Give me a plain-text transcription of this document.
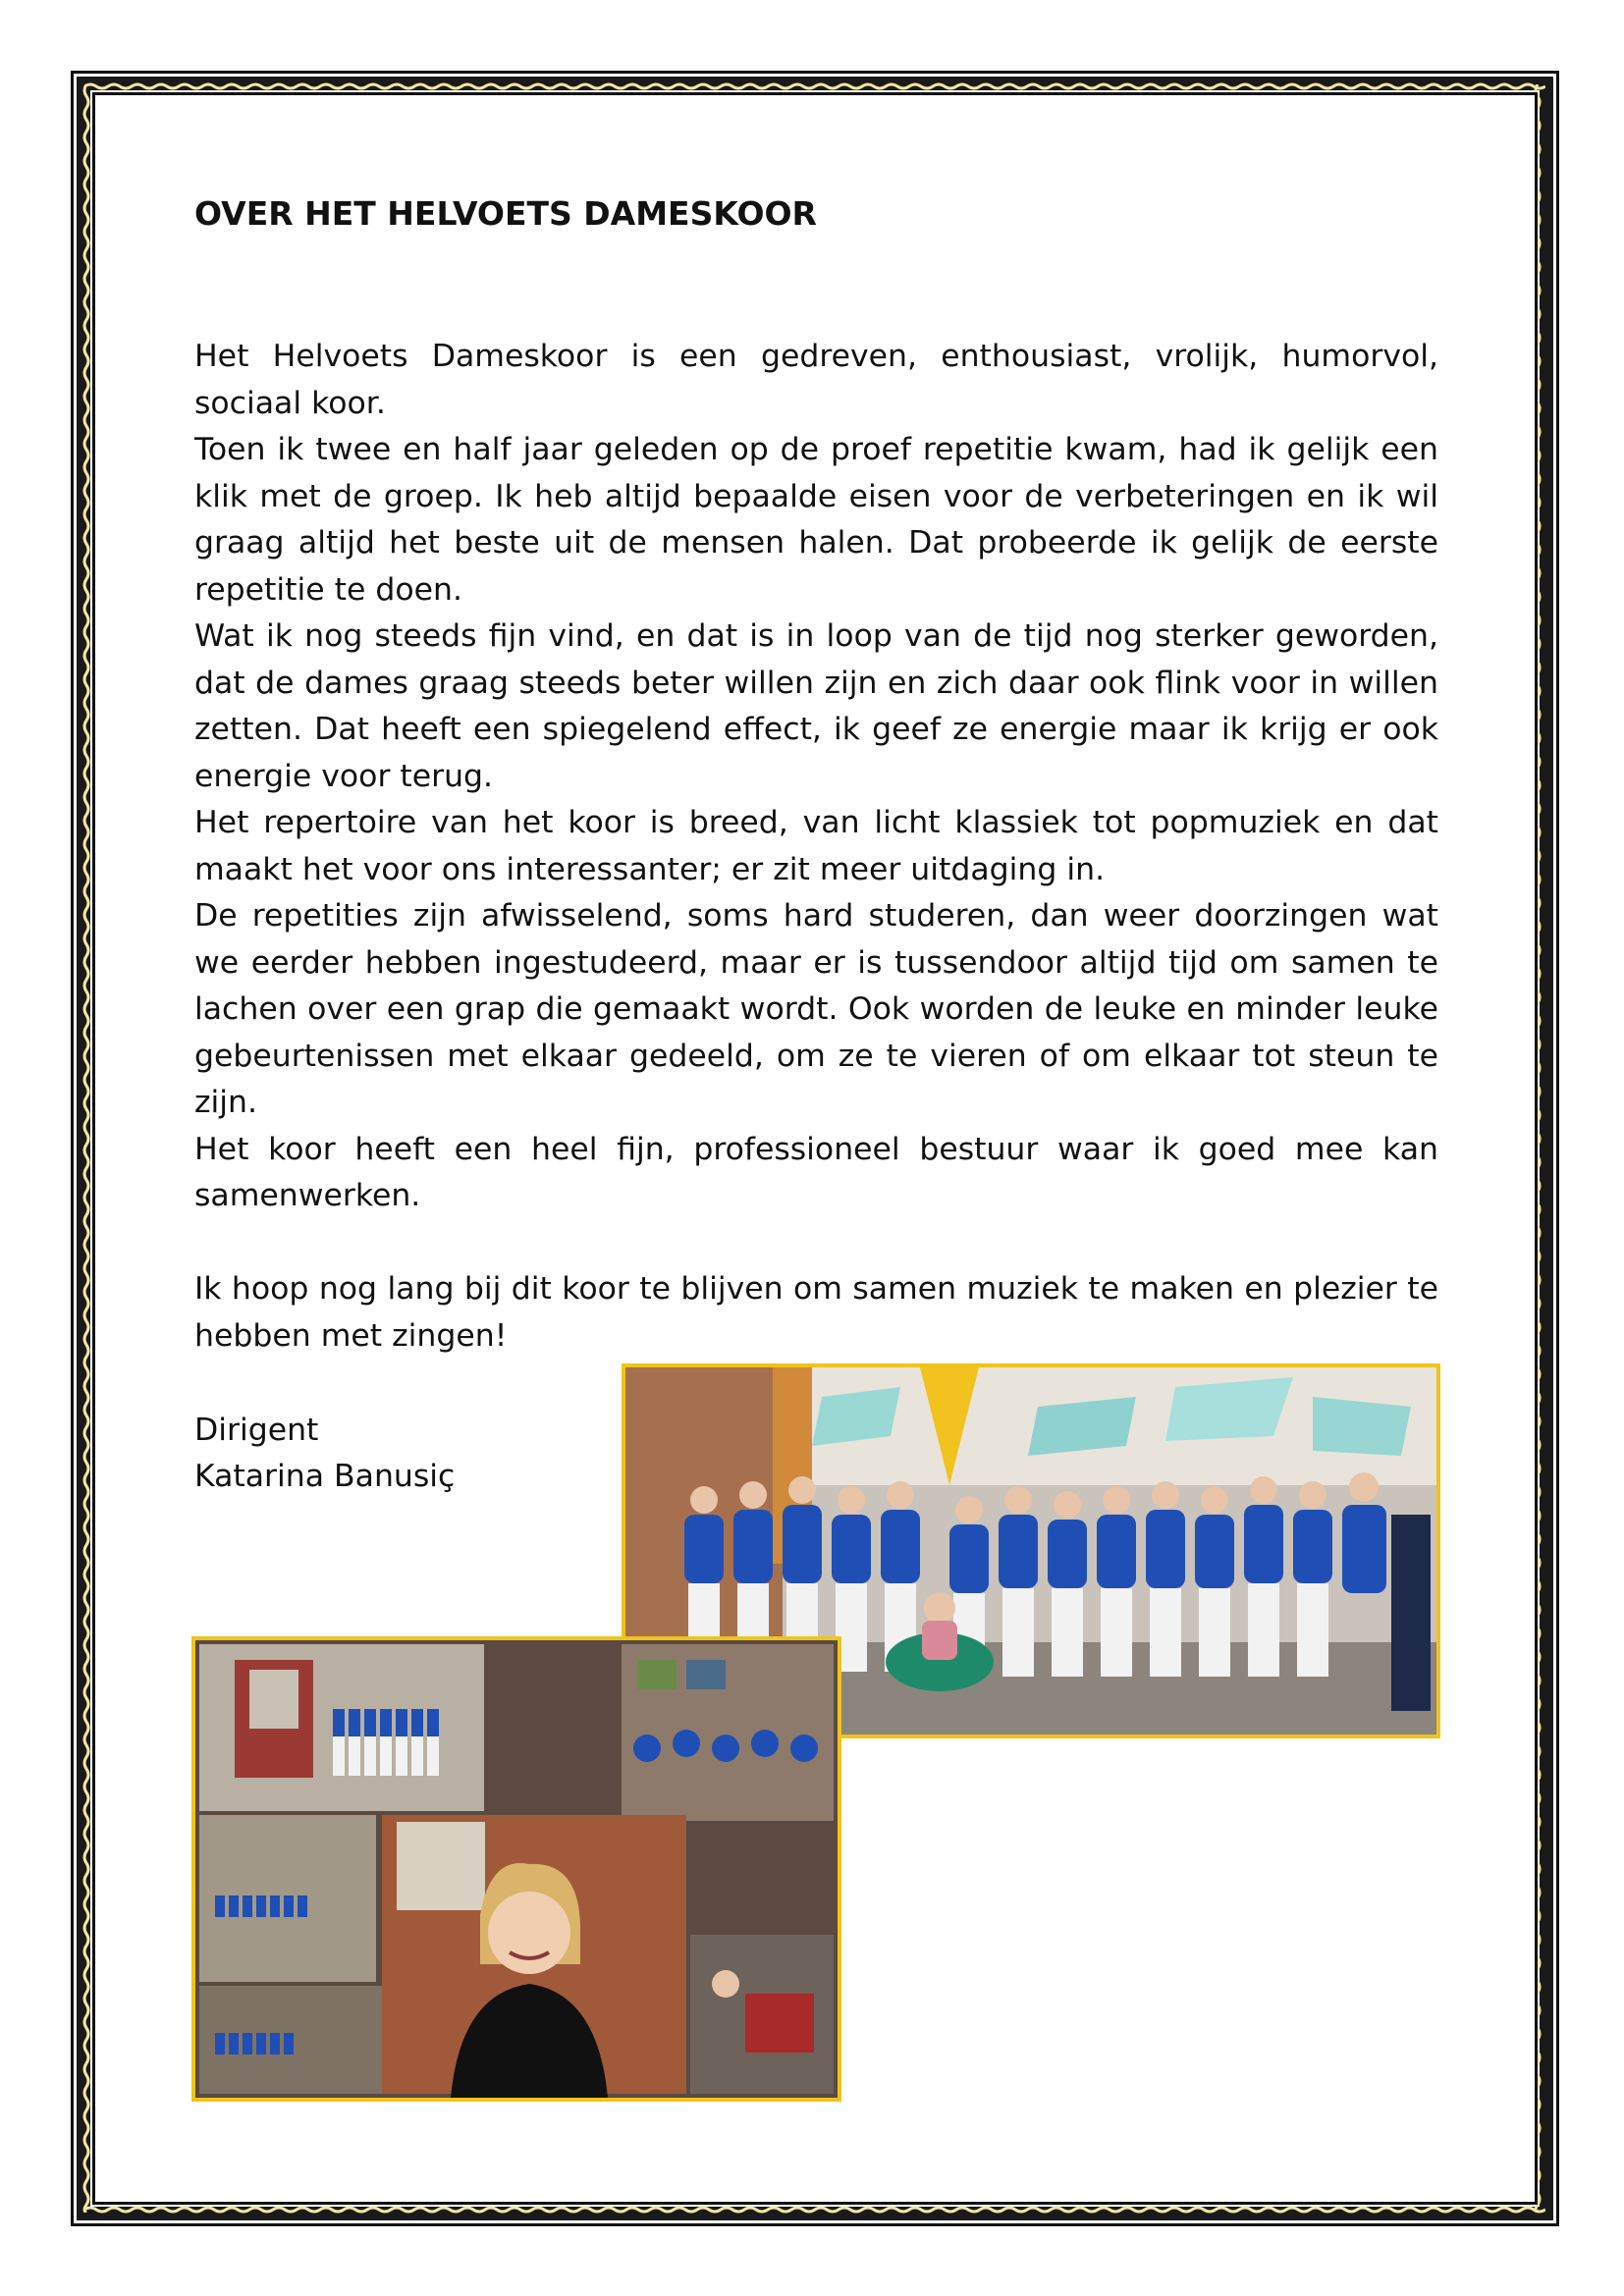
OVER HET HELVOETS DAMESKOOR

Het Helvoets Dameskoor is een gedreven, enthousiast, vrolijk, humorvol, sociaal koor.

Toen ik twee en half jaar geleden op de proef repetitie kwam, had ik gelijk een klik met de groep. Ik heb altijd bepaalde eisen voor de verbeteringen en ik wil graag altijd het beste uit de mensen halen. Dat probeerde ik gelijk de eerste repetitie te doen.

Wat ik nog steeds fijn vind, en dat is in loop van de tijd nog sterker geworden, dat de dames graag steeds beter willen zijn en zich daar ook flink voor in willen zetten. Dat heeft een spiegelend effect, ik geef ze energie maar ik krijg er ook energie voor terug.

Het repertoire van het koor is breed, van licht klassiek tot popmuziek en dat maakt het voor ons interessanter; er zit meer uitdaging in.

De repetities zijn afwisselend, soms hard studeren, dan weer doorzingen wat we eerder hebben ingestudeerd, maar er is tussendoor altijd tijd om samen te lachen over een grap die gemaakt wordt. Ook worden de leuke en minder leuke gebeurtenissen met elkaar gedeeld, om ze te vieren of om elkaar tot steun te zijn.

Het koor heeft een heel fijn, professioneel bestuur waar ik goed mee kan samenwerken.

Ik hoop nog lang bij dit koor te blijven om samen muziek te maken en plezier te hebben met zingen!

Dirigent
Katarina Banusiç
